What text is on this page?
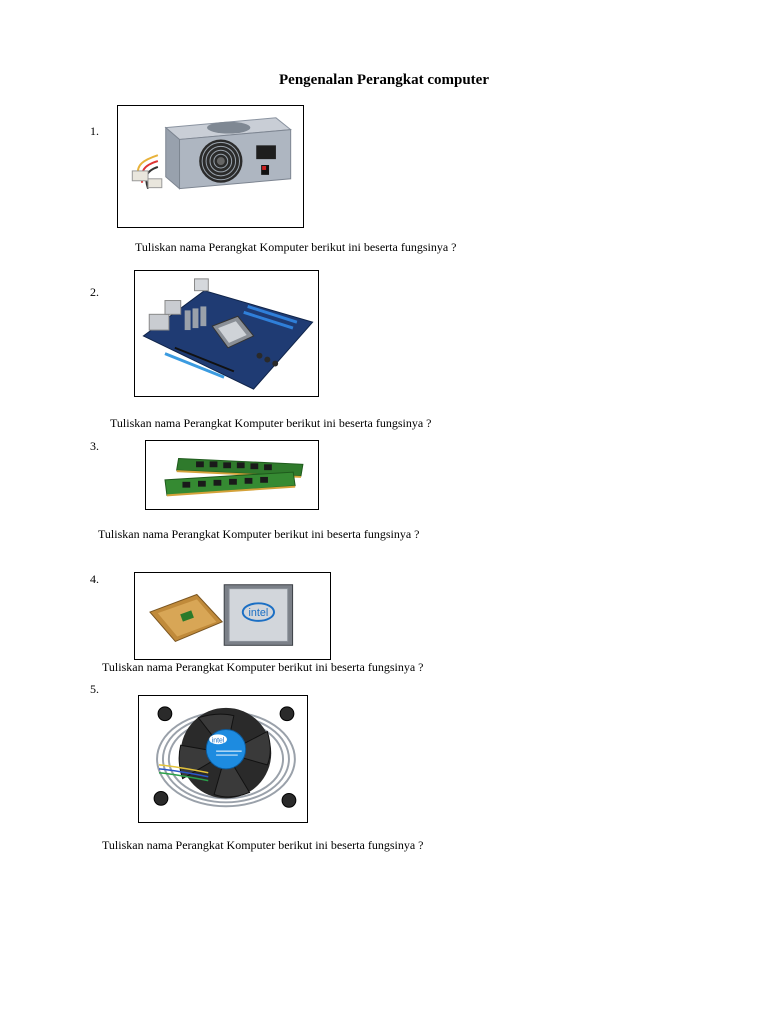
Pengenalan Perangkat computer
1.
Tuliskan nama Perangkat Komputer berikut ini beserta fungsinya ?
2.
Tuliskan nama Perangkat Komputer berikut ini beserta fungsinya ?
3.
Tuliskan nama Perangkat Komputer berikut ini beserta fungsinya ?
4.
intel
Tuliskan nama Perangkat Komputer berikut ini beserta fungsinya ?
5.
intel
Tuliskan nama Perangkat Komputer berikut ini beserta fungsinya ?
